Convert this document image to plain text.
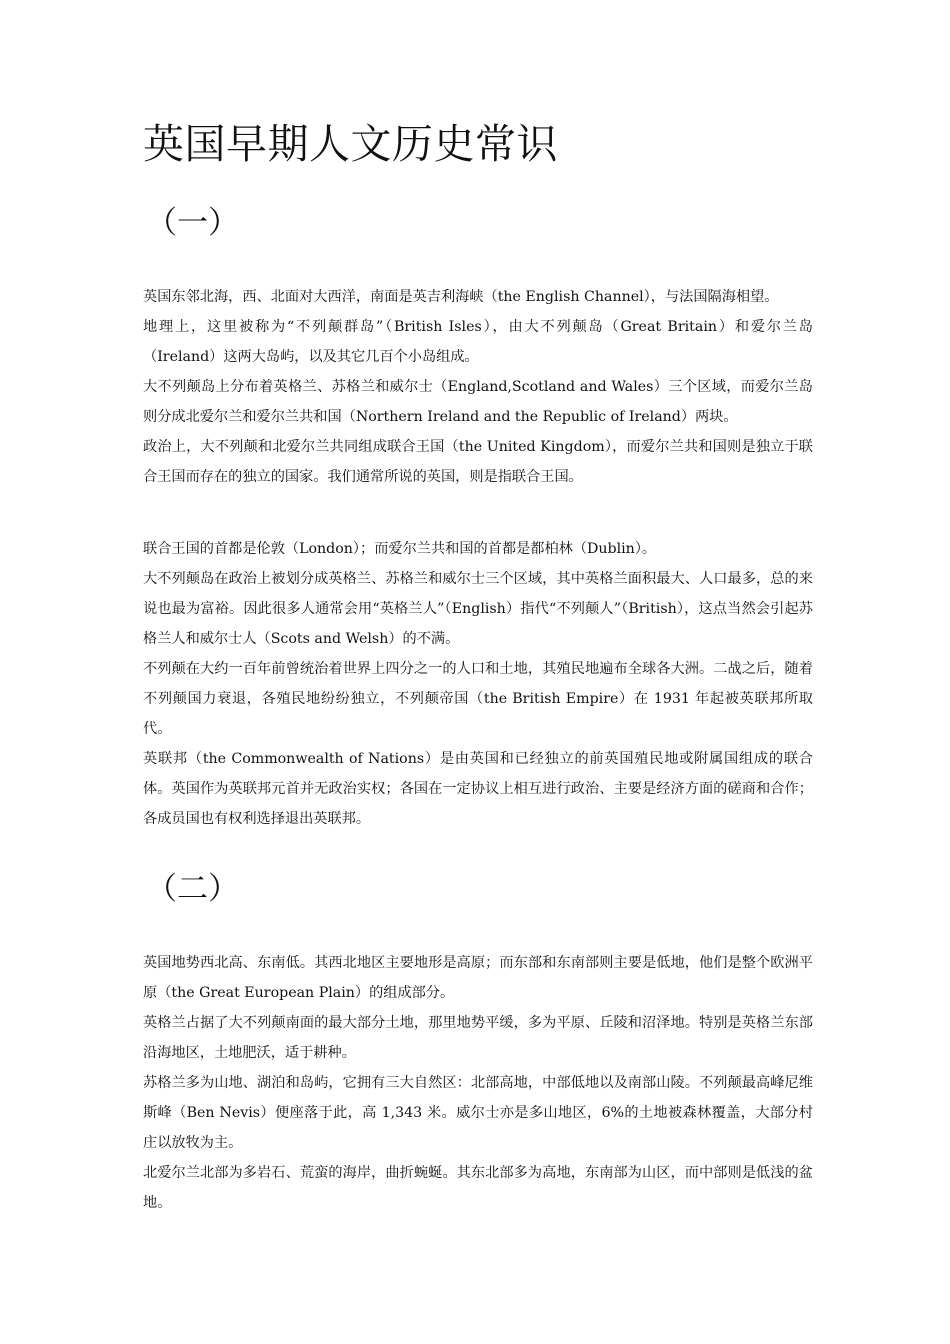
英国早期人文历史常识
（一）

英国东邻北海，西、北面对大西洋，南面是英吉利海峡（the English Channel），与法国隔海相望。

地理上，这里被称为“不列颠群岛”（British Isles），由大不列颠岛（Great Britain）和爱尔兰岛（Ireland）这两大岛屿，以及其它几百个小岛组成。

大不列颠岛上分布着英格兰、苏格兰和威尔士（England,Scotland and Wales）三个区域，而爱尔兰岛则分成北爱尔兰和爱尔兰共和国（Northern Ireland and the Republic of Ireland）两块。

政治上，大不列颠和北爱尔兰共同组成联合王国（the United Kingdom），而爱尔兰共和国则是独立于联合王国而存在的独立的国家。我们通常所说的英国，则是指联合王国。

联合王国的首都是伦敦（London）；而爱尔兰共和国的首都是都柏林（Dublin）。

大不列颠岛在政治上被划分成英格兰、苏格兰和威尔士三个区域，其中英格兰面积最大、人口最多，总的来说也最为富裕。因此很多人通常会用“英格兰人”（English）指代“不列颠人”（British），这点当然会引起苏格兰人和威尔士人（Scots and Welsh）的不满。

不列颠在大约一百年前曾统治着世界上四分之一的人口和土地，其殖民地遍布全球各大洲。二战之后，随着不列颠国力衰退，各殖民地纷纷独立，不列颠帝国（the British Empire）在 1931 年起被英联邦所取代。

英联邦（the Commonwealth of Nations）是由英国和已经独立的前英国殖民地或附属国组成的联合体。英国作为英联邦元首并无政治实权；各国在一定协议上相互进行政治、主要是经济方面的磋商和合作；各成员国也有权利选择退出英联邦。

（二）

英国地势西北高、东南低。其西北地区主要地形是高原；而东部和东南部则主要是低地，他们是整个欧洲平原（the Great European Plain）的组成部分。

英格兰占据了大不列颠南面的最大部分土地，那里地势平缓，多为平原、丘陵和沼泽地。特别是英格兰东部沿海地区，土地肥沃，适于耕种。

苏格兰多为山地、湖泊和岛屿，它拥有三大自然区：北部高地，中部低地以及南部山陵。不列颠最高峰尼维斯峰（Ben Nevis）便座落于此，高 1,343 米。威尔士亦是多山地区，6%的土地被森林覆盖，大部分村庄以放牧为主。

北爱尔兰北部为多岩石、荒蛮的海岸，曲折蜿蜒。其东北部多为高地，东南部为山区，而中部则是低浅的盆地。
